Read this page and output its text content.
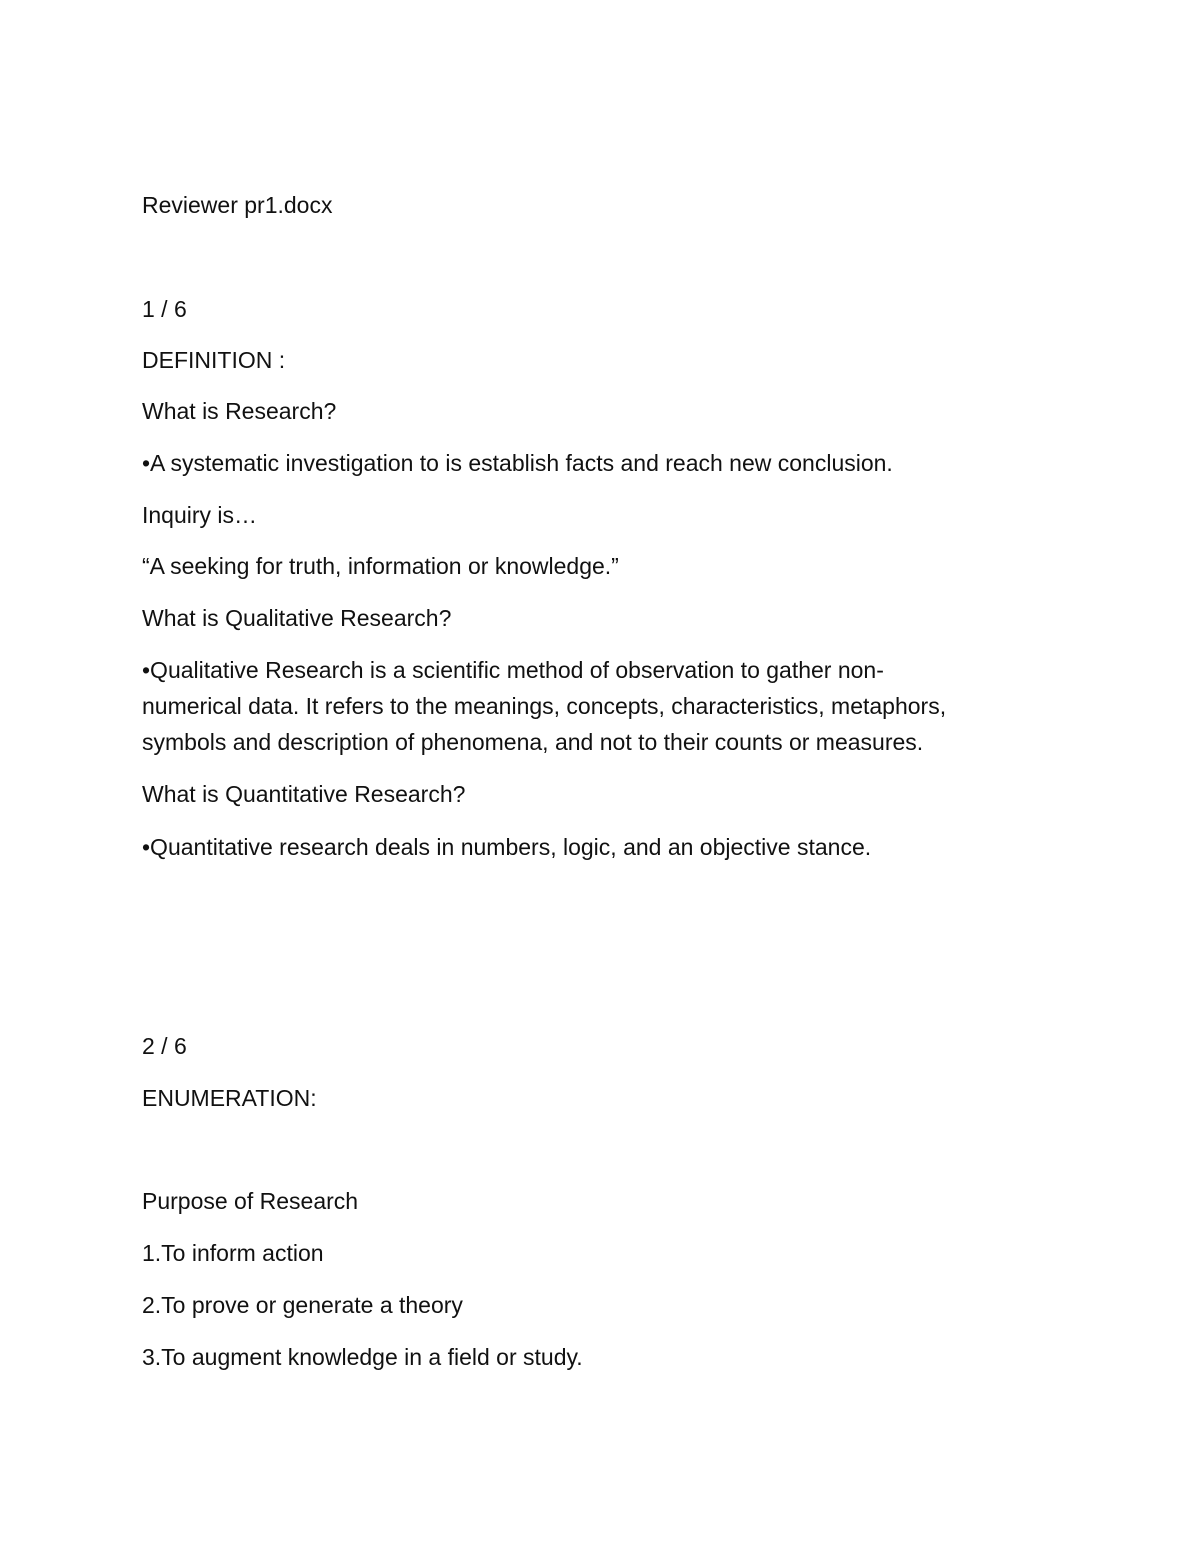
Reviewer pr1.docx

1 / 6

DEFINITION :

What is Research?

•A systematic investigation to is establish facts and reach new conclusion.

Inquiry is…

“A seeking for truth, information or knowledge.”

What is Qualitative Research?

•Qualitative Research is a scientific method of observation to gather non-
numerical data. It refers to the meanings, concepts, characteristics, metaphors,
symbols and description of phenomena, and not to their counts or measures.

What is Quantitative Research?

•Quantitative research deals in numbers, logic, and an objective stance.

2 / 6

ENUMERATION:

Purpose of Research

1.To inform action

2.To prove or generate a theory

3.To augment knowledge in a field or study.
